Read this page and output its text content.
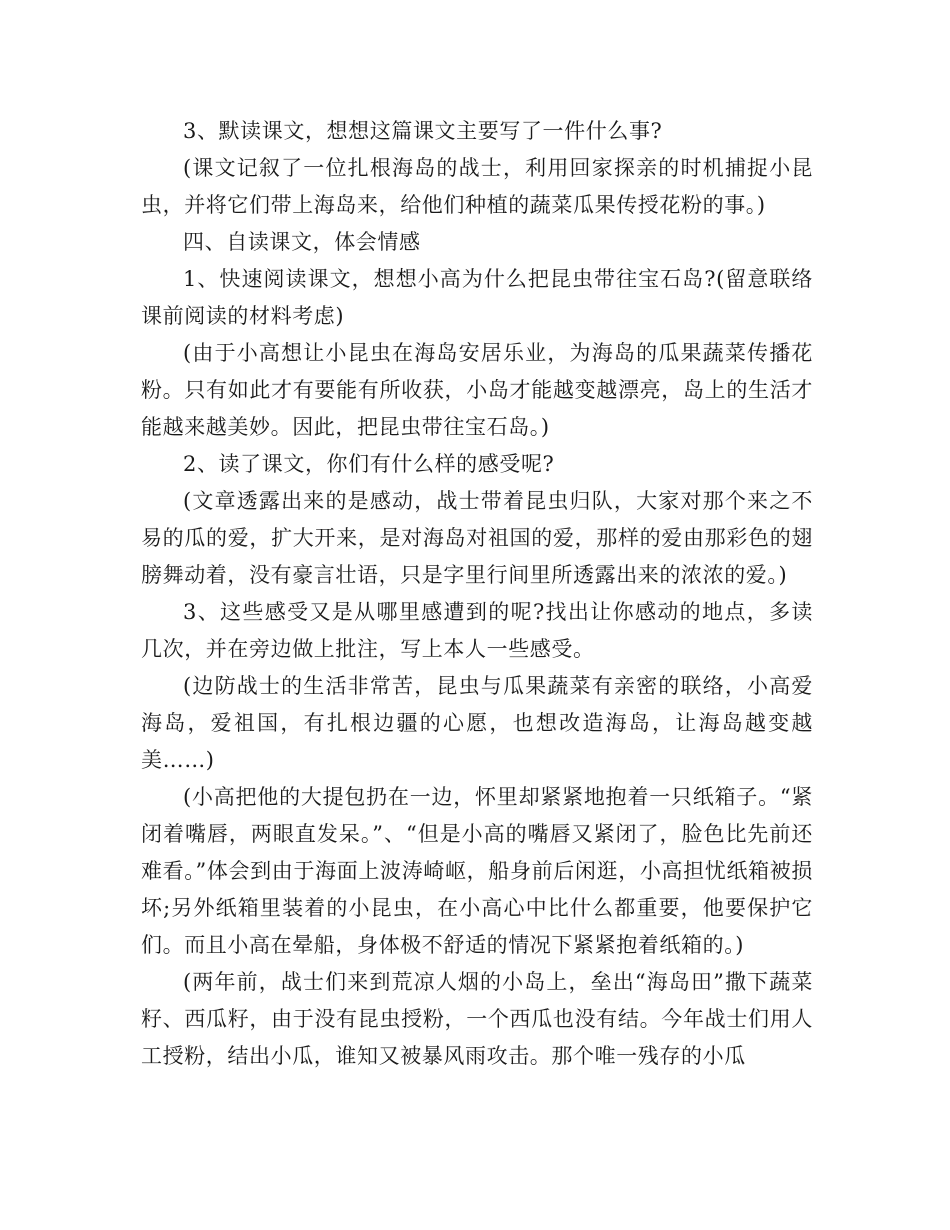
3、默读课文，想想这篇课文主要写了一件什么事?

(课文记叙了一位扎根海岛的战士，利用回家探亲的时机捕捉小昆虫，并将它们带上海岛来，给他们种植的蔬菜瓜果传授花粉的事。)

四、自读课文，体会情感

1、快速阅读课文，想想小高为什么把昆虫带往宝石岛?(留意联络课前阅读的材料考虑)

(由于小高想让小昆虫在海岛安居乐业，为海岛的瓜果蔬菜传播花粉。只有如此才有要能有所收获，小岛才能越变越漂亮，岛上的生活才能越来越美妙。因此，把昆虫带往宝石岛。)

2、读了课文，你们有什么样的感受呢?

(文章透露出来的是感动，战士带着昆虫归队，大家对那个来之不易的瓜的爱，扩大开来，是对海岛对祖国的爱，那样的爱由那彩色的翅膀舞动着，没有豪言壮语，只是字里行间里所透露出来的浓浓的爱。)

3、这些感受又是从哪里感遭到的呢?找出让你感动的地点，多读几次，并在旁边做上批注，写上本人一些感受。

(边防战士的生活非常苦，昆虫与瓜果蔬菜有亲密的联络，小高爱海岛，爱祖国，有扎根边疆的心愿，也想改造海岛，让海岛越变越美……)

(小高把他的大提包扔在一边，怀里却紧紧地抱着一只纸箱子。“紧闭着嘴唇，两眼直发呆。”、“但是小高的嘴唇又紧闭了，脸色比先前还难看。”体会到由于海面上波涛崎岖，船身前后闲逛，小高担忧纸箱被损坏;另外纸箱里装着的小昆虫，在小高心中比什么都重要，他要保护它们。而且小高在晕船，身体极不舒适的情况下紧紧抱着纸箱的。)

(两年前，战士们来到荒凉人烟的小岛上，垒出“海岛田”撒下蔬菜籽、西瓜籽，由于没有昆虫授粉，一个西瓜也没有结。今年战士们用人工授粉，结出小瓜，谁知又被暴风雨攻击。那个唯一残存的小瓜
